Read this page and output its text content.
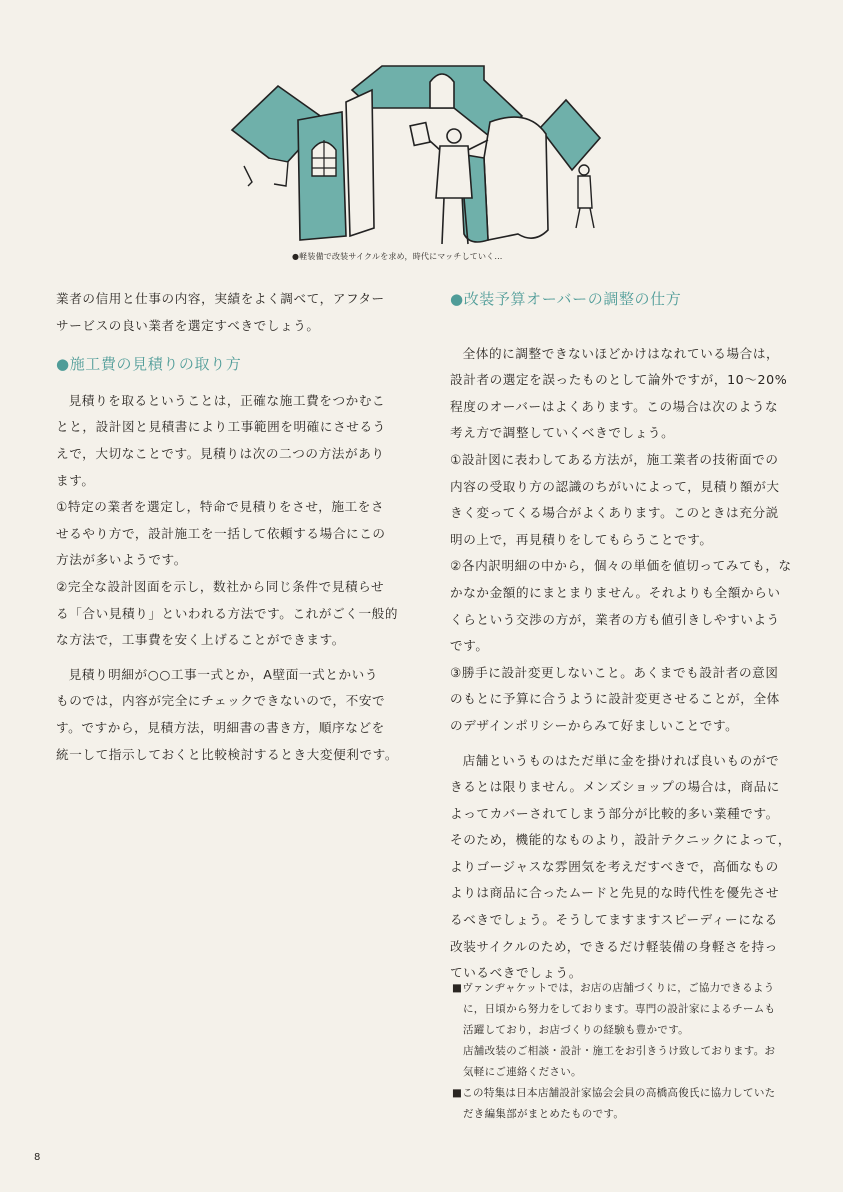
●軽装備で改装サイクルを求め，時代にマッチしていく…

業者の信用と仕事の内容，実績をよく調べて，アフター

サービスの良い業者を選定すべきでしょう。

●施工費の見積りの取り方

見積りを取るということは，正確な施工費をつかむこ

とと，設計図と見積書により工事範囲を明確にさせるう

えで，大切なことです。見積りは次の二つの方法があり

ます。

①特定の業者を選定し，特命で見積りをさせ，施工をさ

せるやり方で，設計施工を一括して依頼する場合にこの

方法が多いようです。

②完全な設計図面を示し，数社から同じ条件で見積らせ

る「合い見積り」といわれる方法です。これがごく一般的

な方法で，工事費を安く上げることができます。

見積り明細が○○工事一式とか，A壁面一式とかいう

ものでは，内容が完全にチェックできないので，不安で

す。ですから，見積方法，明細書の書き方，順序などを

統一して指示しておくと比較検討するとき大変便利です。

●改装予算オーバーの調整の仕方

全体的に調整できないほどかけはなれている場合は，

設計者の選定を誤ったものとして論外ですが，10〜20%

程度のオーバーはよくあります。この場合は次のような

考え方で調整していくべきでしょう。

①設計図に表わしてある方法が，施工業者の技術面での

内容の受取り方の認識のちがいによって，見積り額が大

きく変ってくる場合がよくあります。このときは充分説

明の上で，再見積りをしてもらうことです。

②各内訳明細の中から，個々の単価を値切ってみても，な

かなか金額的にまとまりません。それよりも全額からい

くらという交渉の方が，業者の方も値引きしやすいよう

です。

③勝手に設計変更しないこと。あくまでも設計者の意図

のもとに予算に合うように設計変更させることが，全体

のデザインポリシーからみて好ましいことです。

店舗というものはただ単に金を掛ければ良いものがで

きるとは限りません。メンズショップの場合は，商品に

よってカバーされてしまう部分が比較的多い業種です。

そのため，機能的なものより，設計テクニックによって，

よりゴージャスな雰囲気を考えだすべきで，高価なもの

よりは商品に合ったムードと先見的な時代性を優先させ

るべきでしょう。そうしてますますスピーディーになる

改装サイクルのため，できるだけ軽装備の身軽さを持っ

ているべきでしょう。

■ヴァンヂャケットでは，お店の店舗づくりに，ご協力できるよう

に，日頃から努力をしております。専門の設計家によるチームも

活躍しており，お店づくりの経験も豊かです。

店舗改装のご相談・設計・施工をお引きうけ致しております。お

気軽にご連絡ください。

■この特集は日本店舗設計家協会会員の高橋高俊氏に協力していた

だき編集部がまとめたものです。

8
